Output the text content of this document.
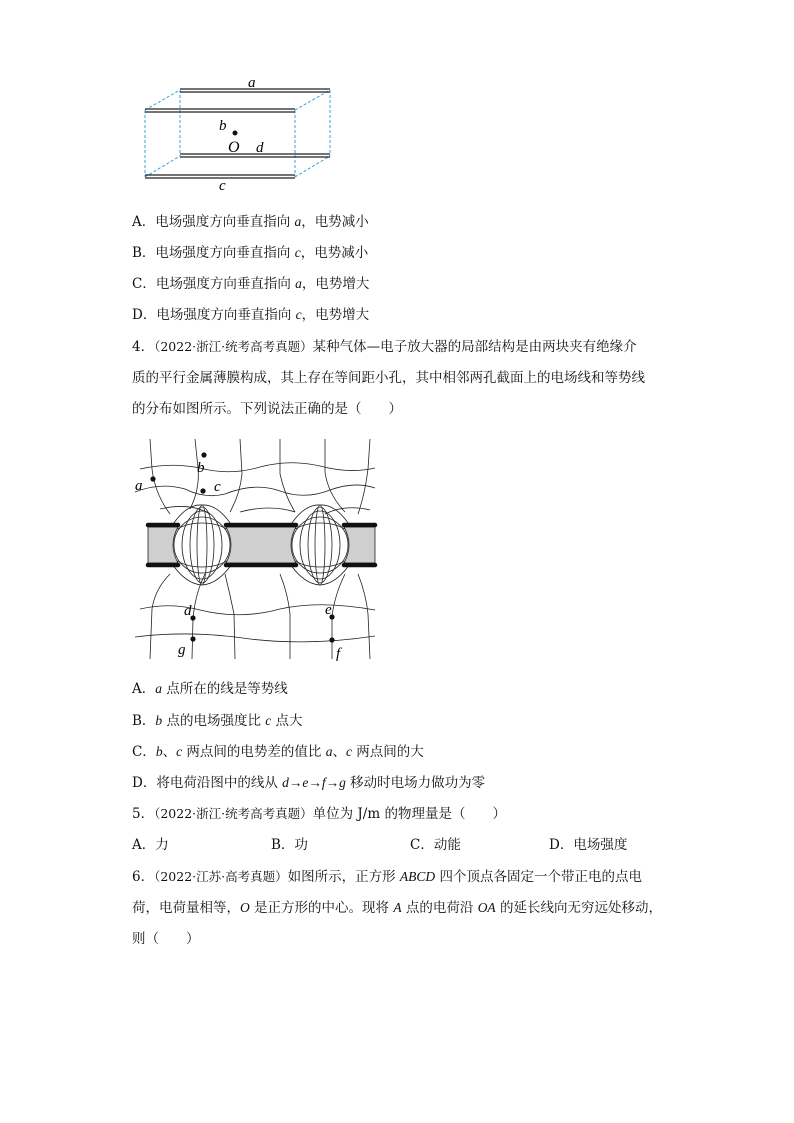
a
b
O d
c
A．电场强度方向垂直指向 a，电势减小
B．电场强度方向垂直指向 c，电势减小
C．电场强度方向垂直指向 a，电势增大
D．电场强度方向垂直指向 c，电势增大
4．（2022·浙江·统考高考真题）某种气体—电子放大器的局部结构是由两块夹有绝缘介
质的平行金属薄膜构成，其上存在等间距小孔，其中相邻两孔截面上的电场线和等势线
的分布如图所示。下列说法正确的是（　　）
a
b
c
d	e
f
g
A．a 点所在的线是等势线
B．b 点的电场强度比 c 点大
C．b、c 两点间的电势差的值比 a、c 两点间的大
D．将电荷沿图中的线从 d→e→f→g 移动时电场力做功为零
5．（2022·浙江·统考高考真题）单位为 J/m 的物理量是（　　）
A．力	B．功	C．动能	D．电场强度
6．（2022·江苏·高考真题）如图所示，正方形 ABCD 四个顶点各固定一个带正电的点电
荷，电荷量相等，O 是正方形的中心。现将 A 点的电荷沿 OA 的延长线向无穷远处移动，
则（　　）
